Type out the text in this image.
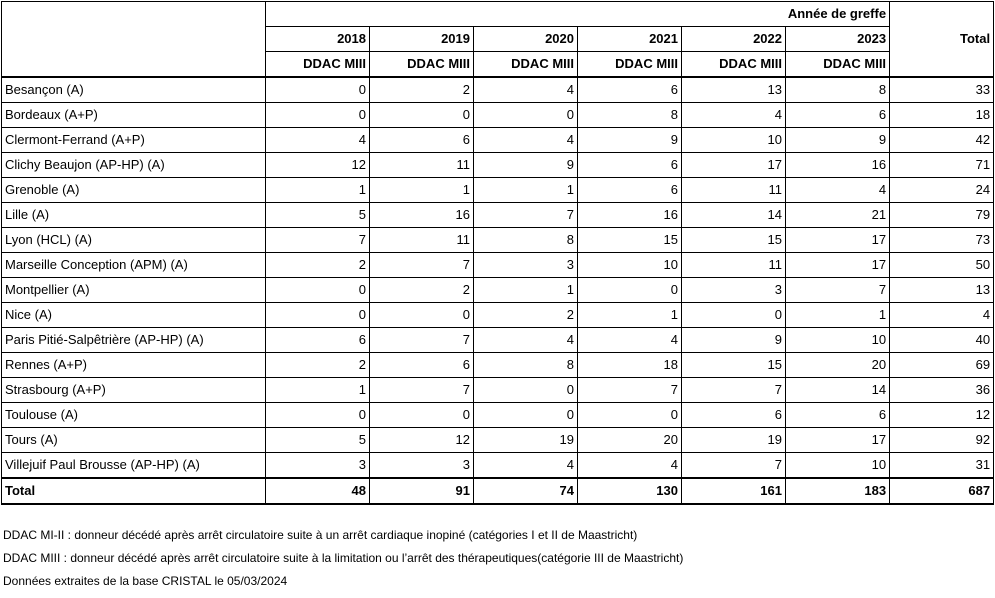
	Année de greffe						Total
	2018	2019	2020	2021	2022	2023	
	DDAC MIII	DDAC MIII	DDAC MIII	DDAC MIII	DDAC MIII	DDAC MIII	
Besançon (A)	0	2	4	6	13	8	33
Bordeaux (A+P)	0	0	0	8	4	6	18
Clermont-Ferrand (A+P)	4	6	4	9	10	9	42
Clichy Beaujon (AP-HP) (A)	12	11	9	6	17	16	71
Grenoble (A)	1	1	1	6	11	4	24
Lille (A)	5	16	7	16	14	21	79
Lyon (HCL) (A)	7	11	8	15	15	17	73
Marseille Conception (APM) (A)	2	7	3	10	11	17	50
Montpellier (A)	0	2	1	0	3	7	13
Nice (A)	0	0	2	1	0	1	4
Paris Pitié-Salpêtrière (AP-HP) (A)	6	7	4	4	9	10	40
Rennes (A+P)	2	6	8	18	15	20	69
Strasbourg (A+P)	1	7	0	7	7	14	36
Toulouse (A)	0	0	0	0	6	6	12
Tours (A)	5	12	19	20	19	17	92
Villejuif Paul Brousse (AP-HP) (A)	3	3	4	4	7	10	31
Total	48	91	74	130	161	183	687
DDAC MI-II : donneur décédé après arrêt circulatoire suite à un arrêt cardiaque inopiné (catégories I et II de Maastricht)
DDAC MIII : donneur décédé après arrêt circulatoire suite à la limitation ou l’arrêt des thérapeutiques(catégorie III de Maastricht)
Données extraites de la base CRISTAL le 05/03/2024
